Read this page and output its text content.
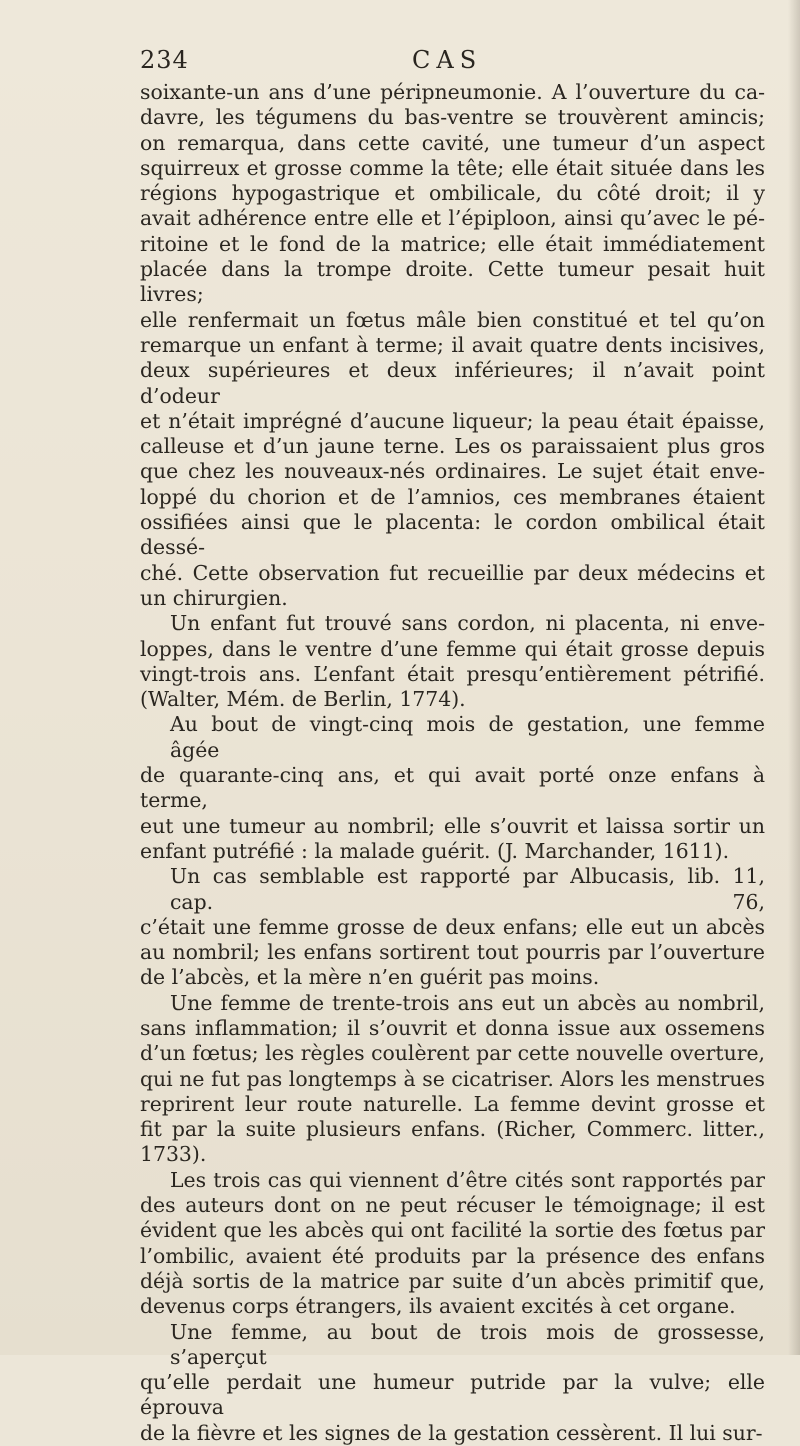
234	CAS
soixante-un ans d’une péripneumonie. A l’ouverture du ca-
davre, les tégumens du bas-ventre se trouvèrent amincis;
on remarqua, dans cette cavité, une tumeur d’un aspect
squirreux et grosse comme la tête; elle était située dans les
régions hypogastrique et ombilicale, du côté droit; il y
avait adhérence entre elle et l’épiploon, ainsi qu’avec le pé-
ritoine et le fond de la matrice; elle était immédiatement
placée dans la trompe droite. Cette tumeur pesait huit livres;
elle renfermait un fœtus mâle bien constitué et tel qu’on
remarque un enfant à terme; il avait quatre dents incisives,
deux supérieures et deux inférieures; il n’avait point d’odeur
et n’était imprégné d’aucune liqueur; la peau était épaisse,
calleuse et d’un jaune terne. Les os paraissaient plus gros
que chez les nouveaux-nés ordinaires. Le sujet était enve-
loppé du chorion et de l’amnios, ces membranes étaient
ossifiées ainsi que le placenta: le cordon ombilical était dessé-
ché. Cette observation fut recueillie par deux médecins et
un chirurgien.
Un enfant fut trouvé sans cordon, ni placenta, ni enve-
loppes, dans le ventre d’une femme qui était grosse depuis
vingt-trois ans. L’enfant était presqu’entièrement pétrifié.
(Walter, Mém. de Berlin, 1774).
Au bout de vingt-cinq mois de gestation, une femme âgée
de quarante-cinq ans, et qui avait porté onze enfans à terme,
eut une tumeur au nombril; elle s’ouvrit et laissa sortir un
enfant putréfié : la malade guérit. (J. Marchander, 1611).
Un cas semblable est rapporté par Albucasis, lib. 11, cap. 76,
c’était une femme grosse de deux enfans; elle eut un abcès
au nombril; les enfans sortirent tout pourris par l’ouverture
de l’abcès, et la mère n’en guérit pas moins.
Une femme de trente-trois ans eut un abcès au nombril,
sans inflammation; il s’ouvrit et donna issue aux ossemens
d’un fœtus; les règles coulèrent par cette nouvelle overture,
qui ne fut pas longtemps à se cicatriser. Alors les menstrues
reprirent leur route naturelle. La femme devint grosse et
fit par la suite plusieurs enfans. (Richer, Commerc. litter.,
1733).
Les trois cas qui viennent d’être cités sont rapportés par
des auteurs dont on ne peut récuser le témoignage; il est
évident que les abcès qui ont facilité la sortie des fœtus par
l’ombilic, avaient été produits par la présence des enfans
déjà sortis de la matrice par suite d’un abcès primitif que,
devenus corps étrangers, ils avaient excités à cet organe.
Une femme, au bout de trois mois de grossesse, s’aperçut
qu’elle perdait une humeur putride par la vulve; elle éprouva
de la fièvre et les signes de la gestation cessèrent. Il lui sur-
